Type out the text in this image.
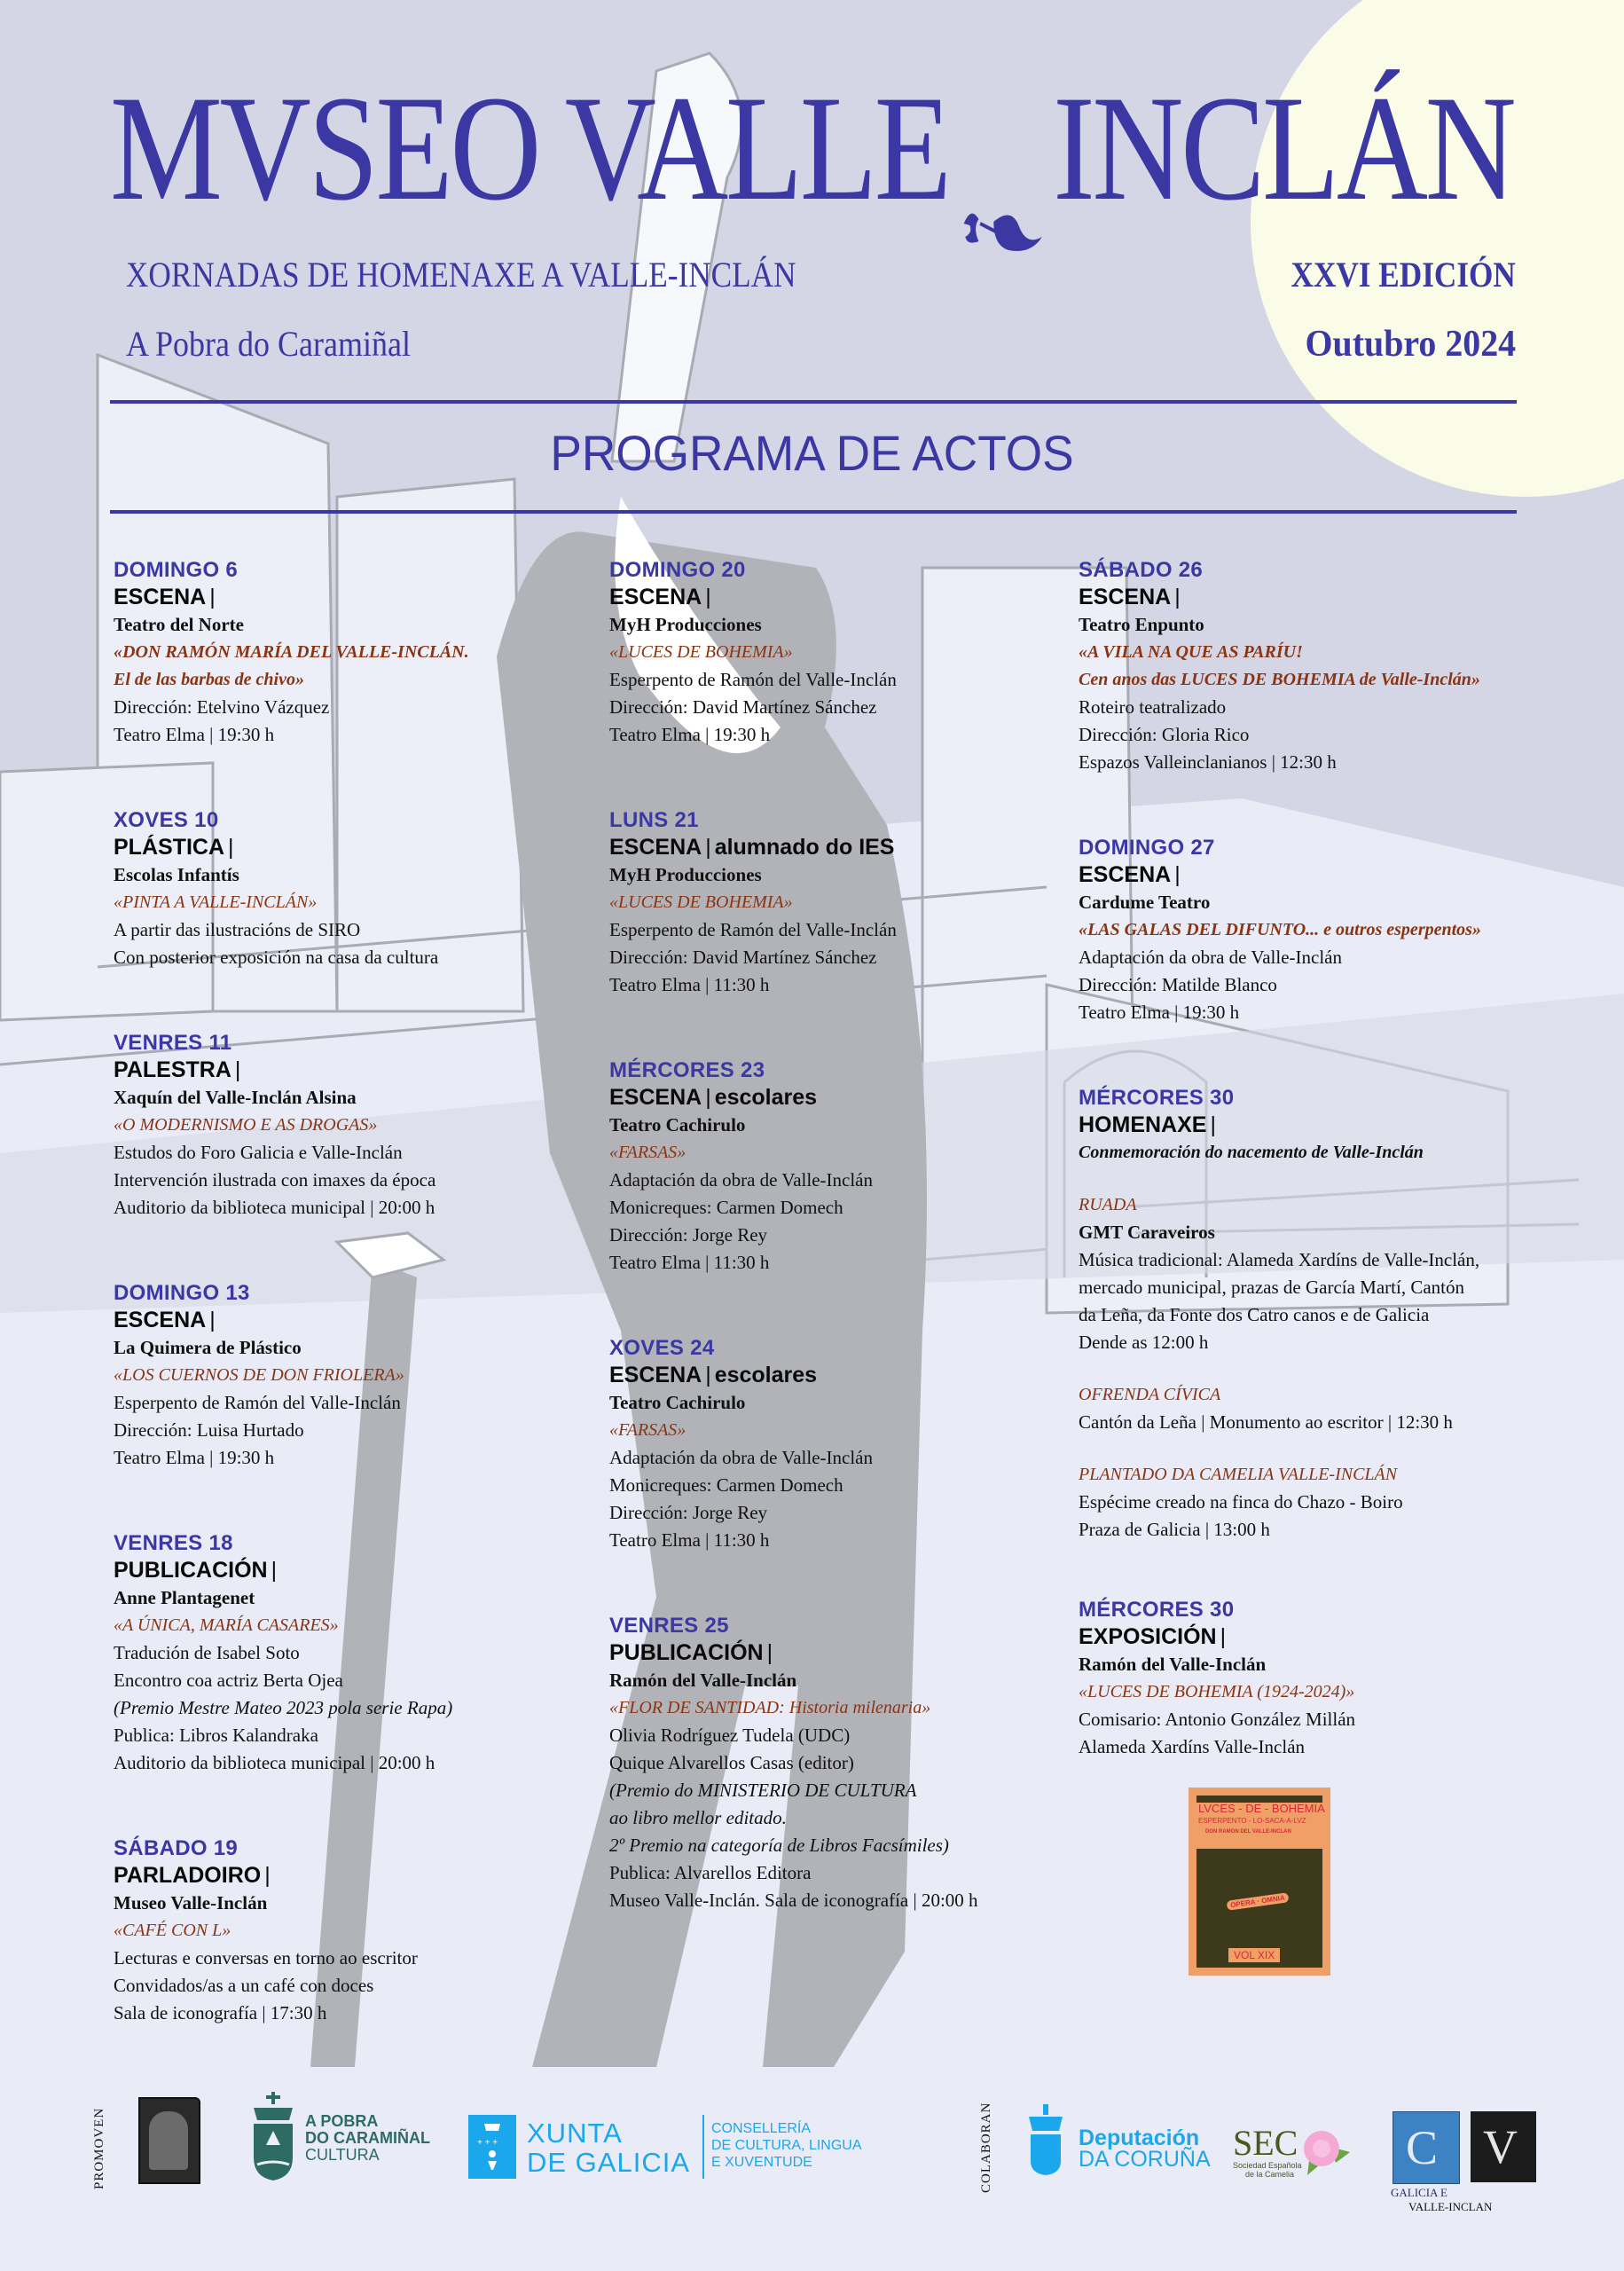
MVSEO VALLE INCLÁN
XORNADAS DE HOMENAXE A VALLE-INCLÁN
A Pobra do Caramiñal
XXVI EDICIÓN
Outubro 2024
PROGRAMA DE ACTOS
DOMINGO 6
ESCENA |
Teatro del Norte
«DON RAMÓN MARÍA DEL VALLE-INCLÁN.
El de las barbas de chivo»
Dirección: Etelvino Vázquez
Teatro Elma | 19:30 h
XOVES 10
PLÁSTICA |
Escolas Infantís
«PINTA A VALLE-INCLÁN»
A partir das ilustracións de SIRO
Con posterior exposición na casa da cultura
VENRES 11
PALESTRA |
Xaquín del Valle-Inclán Alsina
«O MODERNISMO E AS DROGAS»
Estudos do Foro Galicia e Valle-Inclán
Intervención ilustrada con imaxes da época
Auditorio da biblioteca municipal | 20:00 h
DOMINGO 13
ESCENA |
La Quimera de Plástico
«LOS CUERNOS DE DON FRIOLERA»
Esperpento de Ramón del Valle-Inclán
Dirección: Luisa Hurtado
Teatro Elma | 19:30 h
VENRES 18
PUBLICACIÓN |
Anne Plantagenet
«A ÚNICA, MARÍA CASARES»
Tradución de Isabel Soto
Encontro coa actriz Berta Ojea
(Premio Mestre Mateo 2023 pola serie Rapa)
Publica: Libros Kalandraka
Auditorio da biblioteca municipal | 20:00 h
SÁBADO 19
PARLADOIRO |
Museo Valle-Inclán
«CAFÉ CON L»
Lecturas e conversas en torno ao escritor
Convidados/as a un café con doces
Sala de iconografía | 17:30 h
DOMINGO 20
ESCENA |
MyH Producciones
«LUCES DE BOHEMIA»
Esperpento de Ramón del Valle-Inclán
Dirección: David Martínez Sánchez
Teatro Elma | 19:30 h
LUNS 21
ESCENA | alumnado do IES
MyH Producciones
«LUCES DE BOHEMIA»
Esperpento de Ramón del Valle-Inclán
Dirección: David Martínez Sánchez
Teatro Elma | 11:30 h
MÉRCORES 23
ESCENA | escolares
Teatro Cachirulo
«FARSAS»
Adaptación da obra de Valle-Inclán
Monicreques: Carmen Domech
Dirección: Jorge Rey
Teatro Elma | 11:30 h
XOVES 24
ESCENA | escolares
Teatro Cachirulo
«FARSAS»
Adaptación da obra de Valle-Inclán
Monicreques: Carmen Domech
Dirección: Jorge Rey
Teatro Elma | 11:30 h
VENRES 25
PUBLICACIÓN |
Ramón del Valle-Inclán
«FLOR DE SANTIDAD: Historia milenaria»
Olivia Rodríguez Tudela (UDC)
Quique Alvarellos Casas (editor)
(Premio do MINISTERIO DE CULTURA
ao libro mellor editado.
2º Premio na categoría de Libros Facsímiles)
Publica: Alvarellos Editora
Museo Valle-Inclán. Sala de iconografía | 20:00 h
SÁBADO 26
ESCENA |
Teatro Enpunto
«A VILA NA QUE AS PARÍU!
Cen anos das LUCES DE BOHEMIA de Valle-Inclán»
Roteiro teatralizado
Dirección: Gloria Rico
Espazos Valleinclanianos | 12:30 h
DOMINGO 27
ESCENA |
Cardume Teatro
«LAS GALAS DEL DIFUNTO... e outros esperpentos»
Adaptación da obra de Valle-Inclán
Dirección: Matilde Blanco
Teatro Elma | 19:30 h
MÉRCORES 30
HOMENAXE |
Conmemoración do nacemento de Valle-Inclán
RUADA
GMT Caraveiros
Música tradicional: Alameda Xardíns de Valle-Inclán,
mercado municipal, prazas de García Martí, Cantón
da Leña, da Fonte dos Catro canos e de Galicia
Dende as 12:00 h
OFRENDA CÍVICA
Cantón da Leña | Monumento ao escritor | 12:30 h
PLANTADO DA CAMELIA VALLE-INCLÁN
Espécime creado na finca do Chazo - Boiro
Praza de Galicia | 13:00 h
MÉRCORES 30
EXPOSICIÓN |
Ramón del Valle-Inclán
«LUCES DE BOHEMIA (1924-2024)»
Comisario: Antonio González Millán
Alameda Xardíns Valle-Inclán
LVCES - DE - BOHEMIA
ESPERPENTO - LO-SACA-A-LVZ
DON RAMON DEL VALLE-INCLAN
OPERA · OMNIA
VOL XIX
PROMOVEN	A POBRA
DO CARAMIÑAL
CULTURA
+ + + XUNTA
DE GALICIA
CONSELLERÍA
DE CULTURA, LINGUA
E XUVENTUDE	COLABORAN	Deputación
DA CORUÑA SEC
Sociedad Española
de la Camelia C V
GALICIA E
VALLE-INCLAN
